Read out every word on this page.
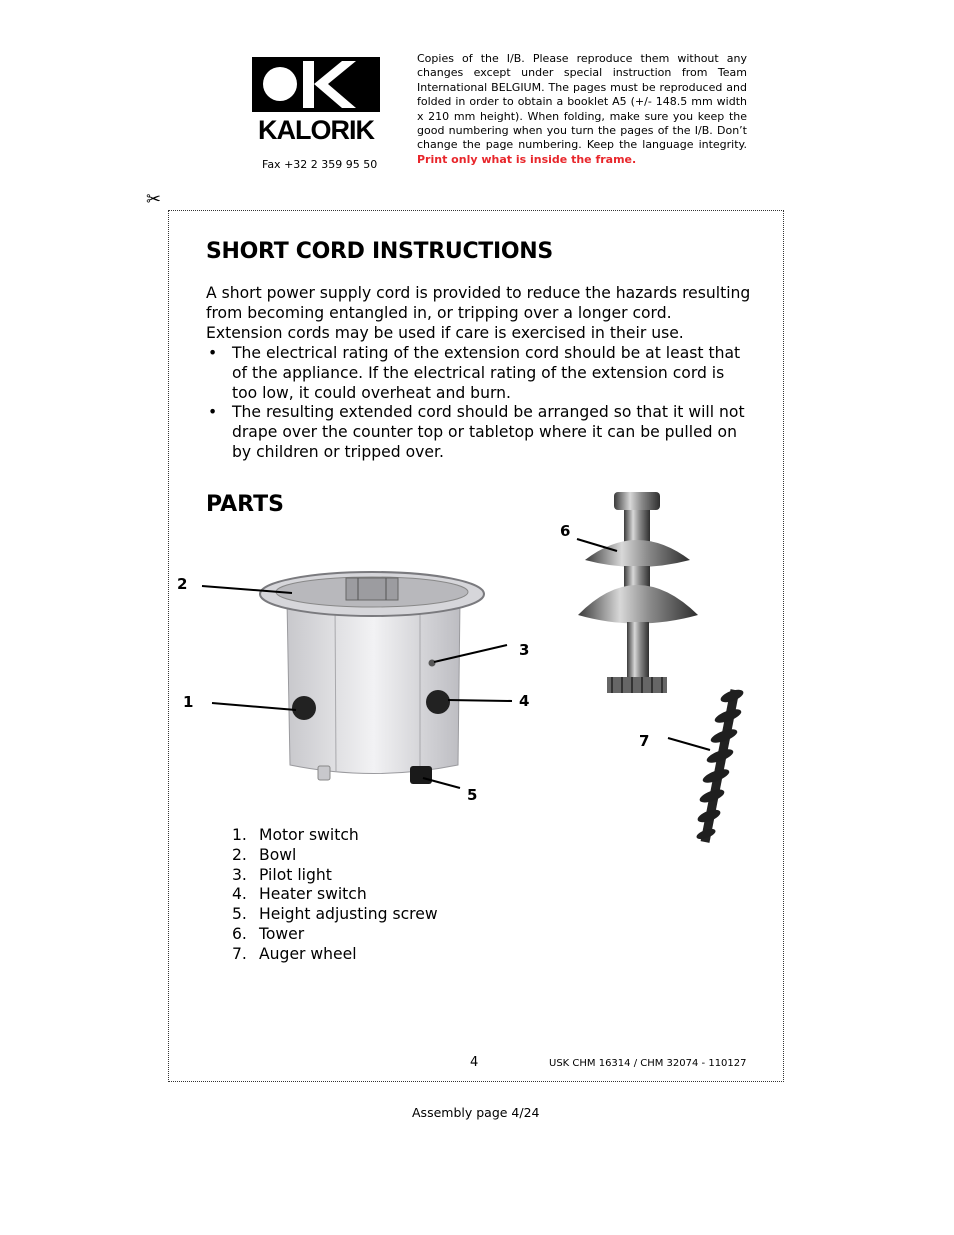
KALORIK
Fax +32 2 359 95 50
Copies of the I/B. Please reproduce them without any changes except under special instruction from Team International BELGIUM. The pages must be reproduced and folded in order to obtain a booklet A5 (+/- 148.5 mm width x 210 mm height). When folding, make sure you keep the good numbering when you turn the pages of the I/B. Don’t change the page numbering. Keep the language integrity. Print only what is inside the frame.
✂
SHORT CORD INSTRUCTIONS

A short power supply cord is provided to reduce the hazards resulting from becoming entangled in, or tripping over a longer cord. Extension cords may be used if care is exercised in their use.

• The electrical rating of the extension cord should be at least that of the appliance. If the electrical rating of the extension cord is too low, it could overheat and burn.
• The resulting extended cord should be arranged so that it will not drape over the counter top or tabletop where it can be pulled on by children or tripped over.
PARTS
1
2
3
4
5
6
7
1. Motor switch
2. Bowl
3. Pilot light
4. Heater switch
5. Height adjusting screw
6. Tower
7. Auger wheel
4	USK CHM 16314 / CHM 32074 - 110127
Assembly page 4/24
